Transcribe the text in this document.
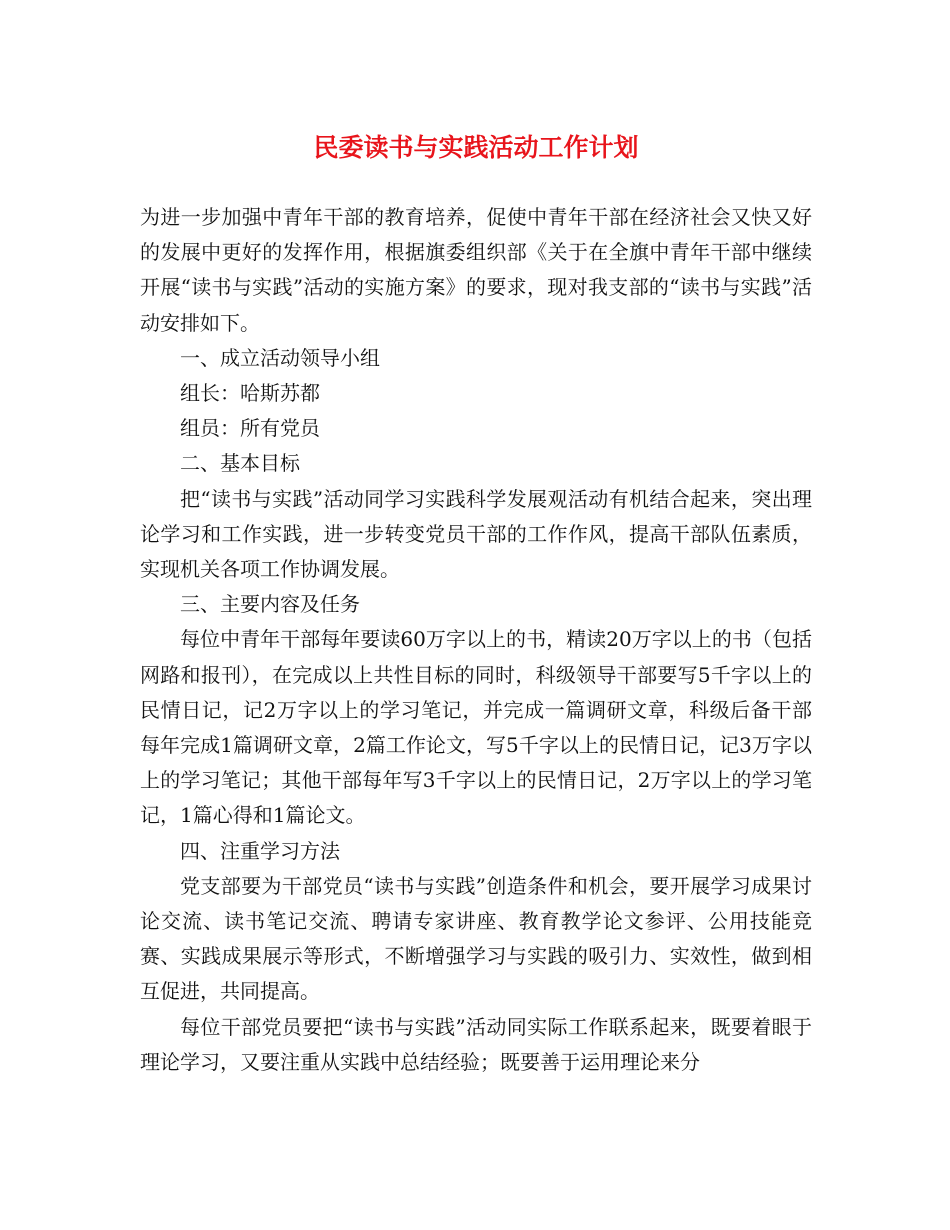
民委读书与实践活动工作计划

为进一步加强中青年干部的教育培养，促使中青年干部在经济社会又快又好的发展中更好的发挥作用，根据旗委组织部《关于在全旗中青年干部中继续开展“读书与实践”活动的实施方案》的要求，现对我支部的“读书与实践”活动安排如下。

一、成立活动领导小组

组长：哈斯苏都

组员：所有党员

二、基本目标

把“读书与实践”活动同学习实践科学发展观活动有机结合起来，突出理论学习和工作实践，进一步转变党员干部的工作作风，提高干部队伍素质，实现机关各项工作协调发展。

三、主要内容及任务

每位中青年干部每年要读60万字以上的书，精读20万字以上的书（包括网路和报刊），在完成以上共性目标的同时，科级领导干部要写5千字以上的民情日记，记2万字以上的学习笔记，并完成一篇调研文章，科级后备干部每年完成1篇调研文章，2篇工作论文，写5千字以上的民情日记，记3万字以上的学习笔记；其他干部每年写3千字以上的民情日记，2万字以上的学习笔记，1篇心得和1篇论文。

四、注重学习方法

党支部要为干部党员“读书与实践”创造条件和机会，要开展学习成果讨论交流、读书笔记交流、聘请专家讲座、教育教学论文参评、公用技能竞赛、实践成果展示等形式，不断增强学习与实践的吸引力、实效性，做到相互促进，共同提高。

每位干部党员要把“读书与实践”活动同实际工作联系起来，既要着眼于理论学习，又要注重从实践中总结经验；既要善于运用理论来分
